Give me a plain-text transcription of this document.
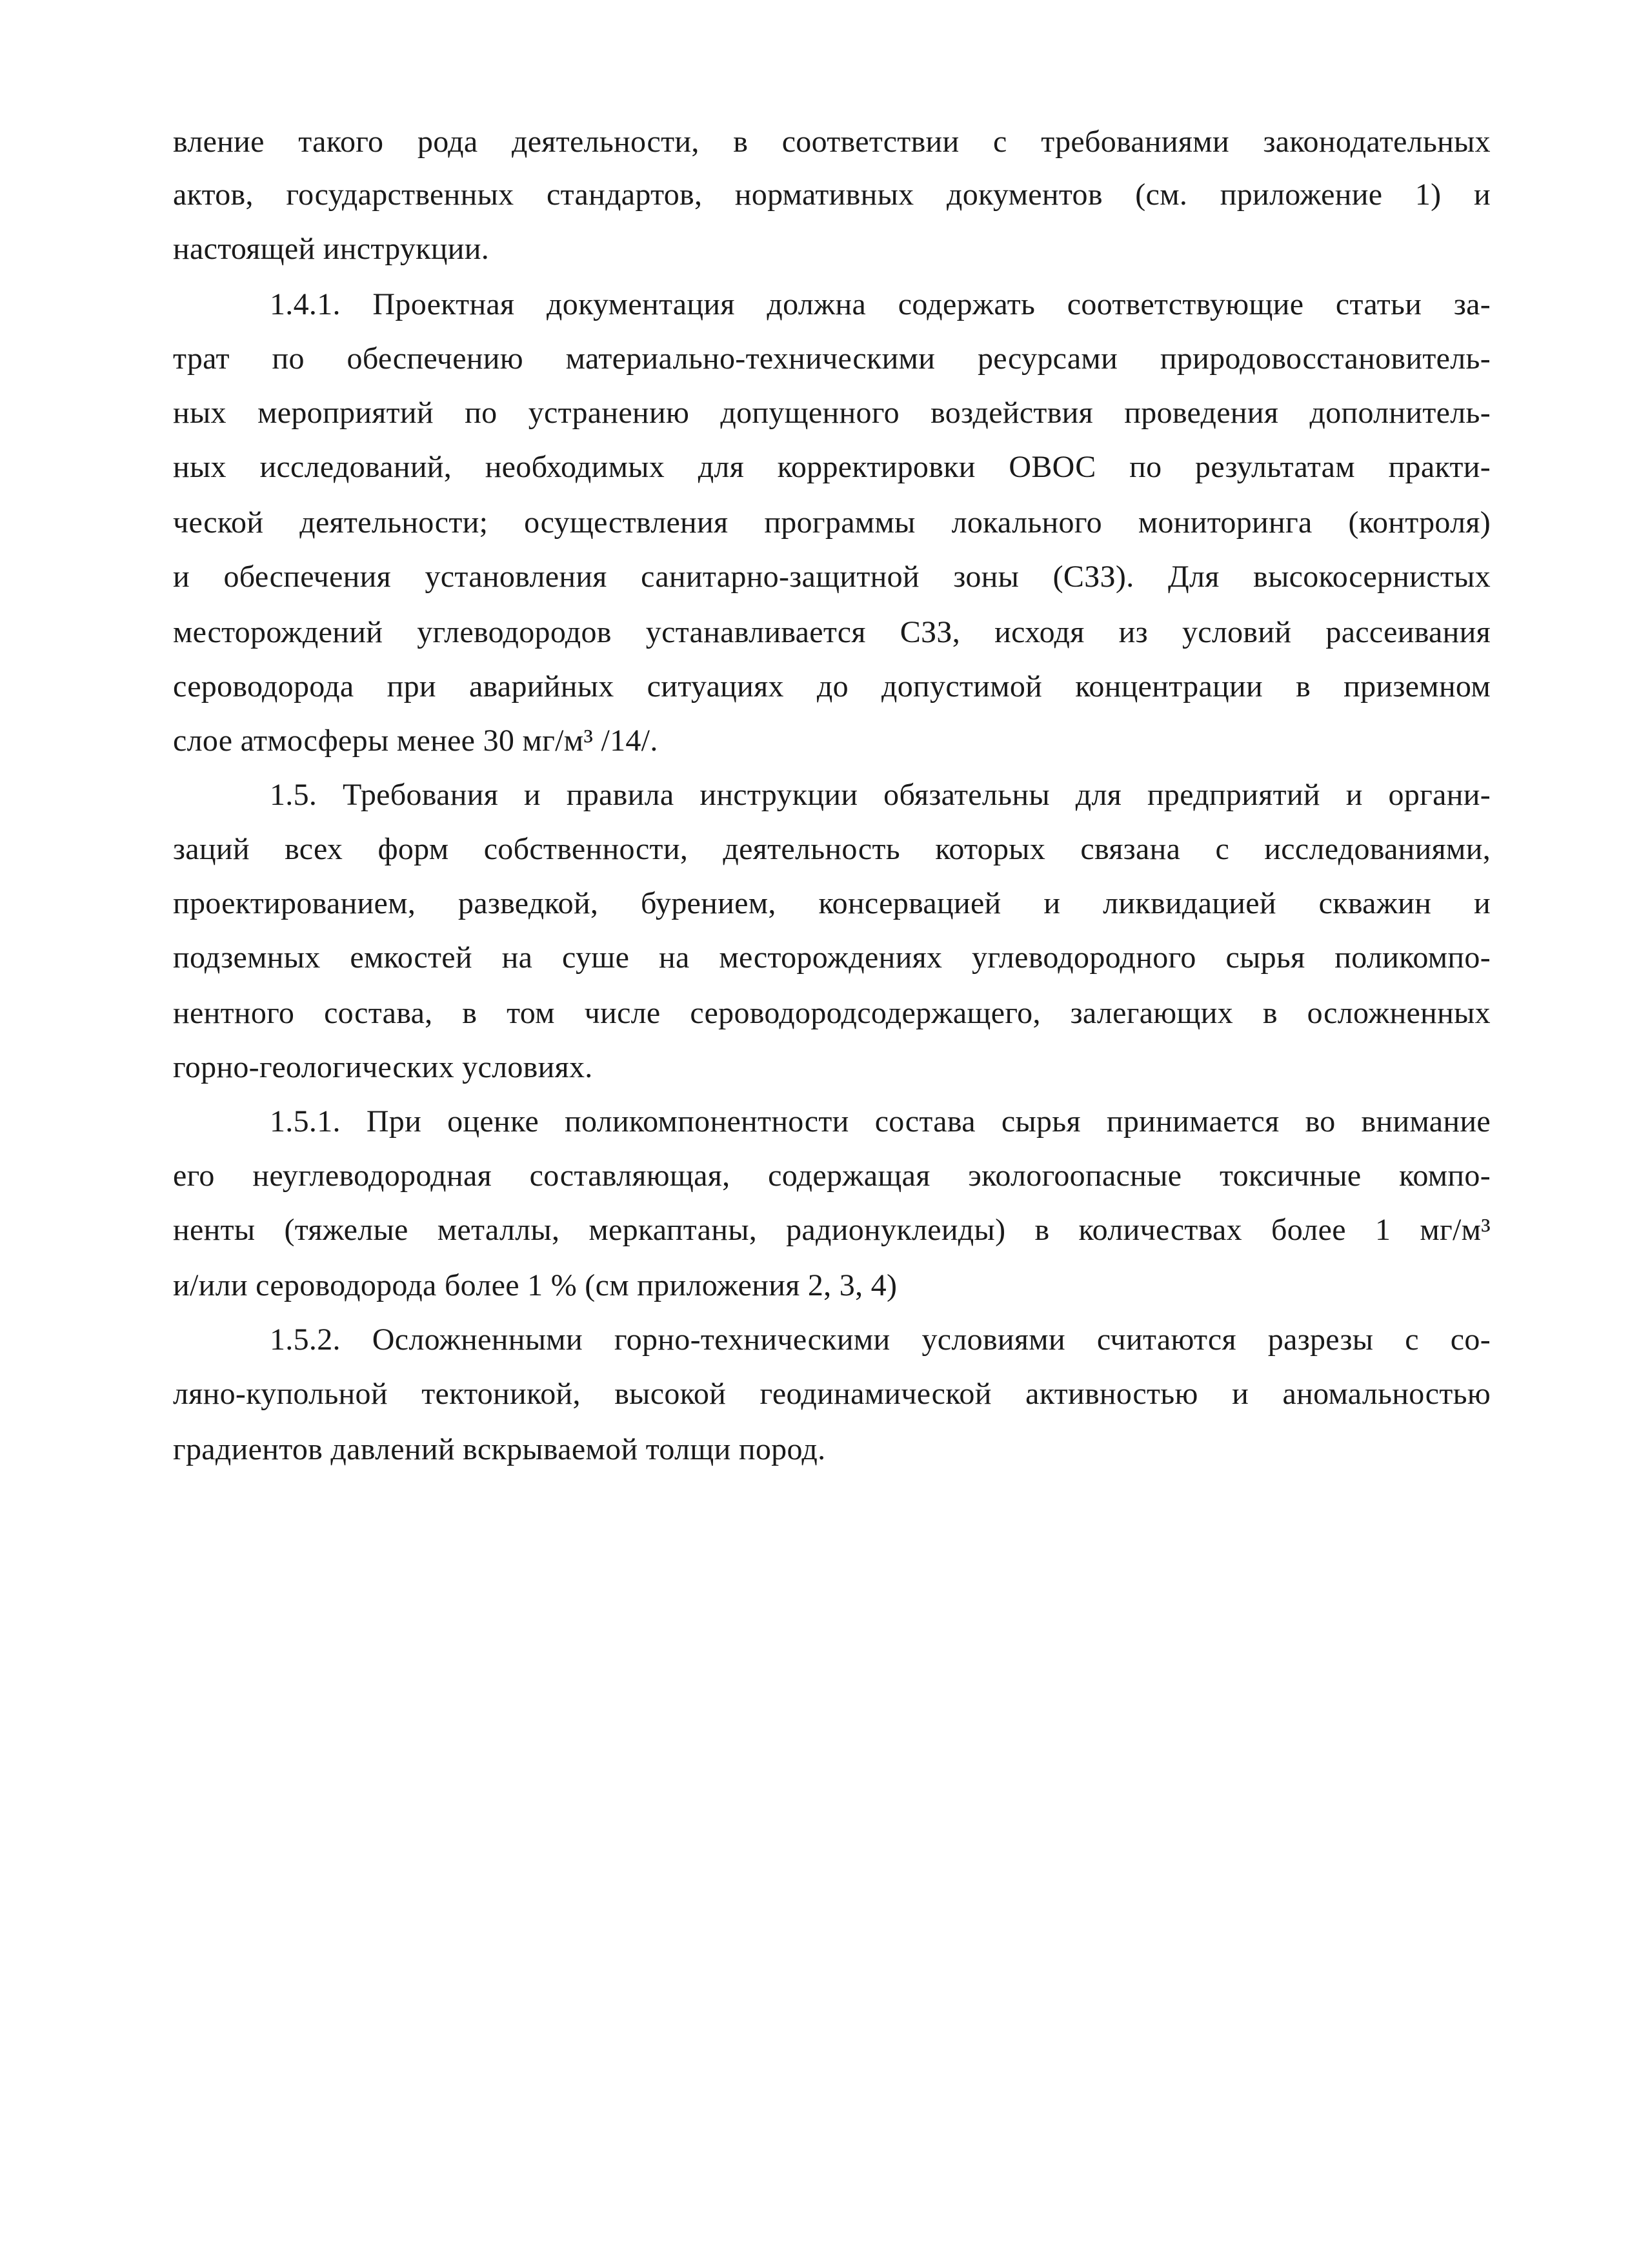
вление такого рода деятельности, в соответствии с требованиями законодательных

актов, государственных стандартов, нормативных документов (см. приложение 1) и

настоящей инструкции.

1.4.1. Проектная документация должна содержать соответствующие статьи за-

трат по обеспечению материально-техническими ресурсами природовосстановитель-

ных мероприятий по устранению допущенного воздействия проведения дополнитель-

ных исследований, необходимых для корректировки ОВОС по результатам практи-

ческой деятельности; осуществления программы локального мониторинга (контроля)

и обеспечения установления санитарно-защитной зоны (СЗЗ). Для высокосернистых

месторождений углеводородов устанавливается СЗЗ, исходя из условий рассеивания

сероводорода при аварийных ситуациях до допустимой концентрации в приземном

слое атмосферы менее 30 мг/м³ /14/.

1.5. Требования и правила инструкции обязательны для предприятий и органи-

заций всех форм собственности, деятельность которых связана с исследованиями,

проектированием, разведкой, бурением, консервацией и ликвидацией скважин и

подземных емкостей на суше на месторождениях углеводородного сырья поликомпо-

нентного состава, в том числе сероводородсодержащего, залегающих в осложненных

горно-геологических условиях.

1.5.1. При оценке поликомпонентности состава сырья принимается во внимание

его неуглеводородная составляющая, содержащая экологоопасные токсичные компо-

ненты (тяжелые металлы, меркаптаны, радионуклеиды) в количествах более 1 мг/м³

и/или сероводорода более 1 % (см приложения 2, 3, 4)

1.5.2. Осложненными горно-техническими условиями считаются разрезы с со-

ляно-купольной тектоникой, высокой геодинамической активностью и аномальностью

градиентов давлений вскрываемой толщи пород.
